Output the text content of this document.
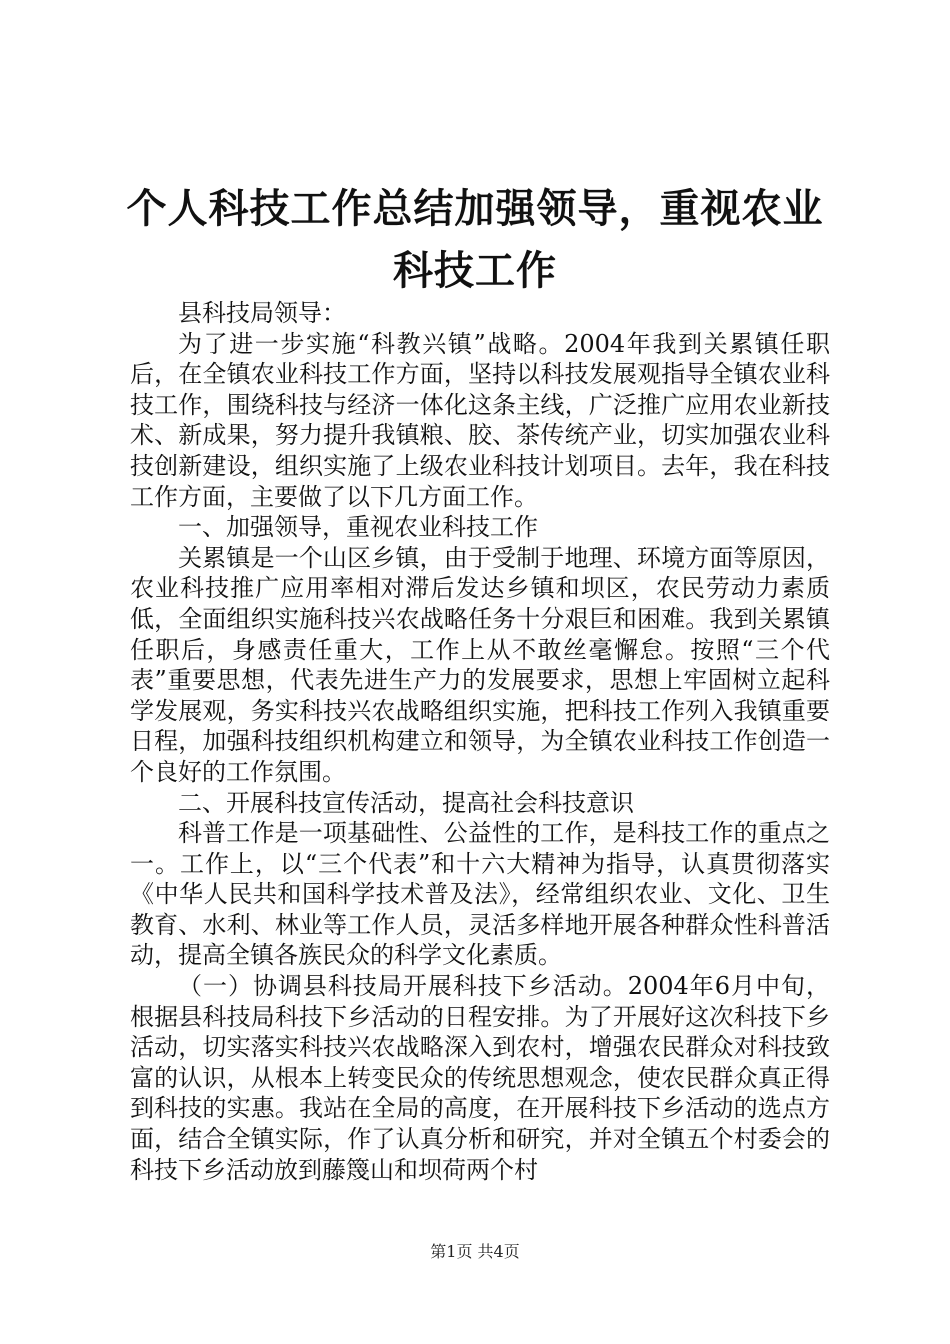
个人科技工作总结加强领导，重视农业科技工作

县科技局领导：

为了进一步实施“科教兴镇”战略。2004年我到关累镇任职后，在全镇农业科技工作方面，坚持以科技发展观指导全镇农业科技工作，围绕科技与经济一体化这条主线，广泛推广应用农业新技术、新成果，努力提升我镇粮、胶、茶传统产业，切实加强农业科技创新建设，组织实施了上级农业科技计划项目。去年，我在科技工作方面，主要做了以下几方面工作。

一、加强领导，重视农业科技工作

关累镇是一个山区乡镇，由于受制于地理、环境方面等原因，农业科技推广应用率相对滞后发达乡镇和坝区，农民劳动力素质低，全面组织实施科技兴农战略任务十分艰巨和困难。我到关累镇任职后，身感责任重大，工作上从不敢丝毫懈怠。按照“三个代表”重要思想，代表先进生产力的发展要求，思想上牢固树立起科学发展观，务实科技兴农战略组织实施，把科技工作列入我镇重要日程，加强科技组织机构建立和领导，为全镇农业科技工作创造一个良好的工作氛围。

二、开展科技宣传活动，提高社会科技意识

科普工作是一项基础性、公益性的工作，是科技工作的重点之一。工作上，以“三个代表”和十六大精神为指导，认真贯彻落实《中华人民共和国科学技术普及法》，经常组织农业、文化、卫生教育、水利、林业等工作人员，灵活多样地开展各种群众性科普活动，提高全镇各族民众的科学文化素质。

（一）协调县科技局开展科技下乡活动。2004年6月中旬，根据县科技局科技下乡活动的日程安排。为了开展好这次科技下乡活动，切实落实科技兴农战略深入到农村，增强农民群众对科技致富的认识，从根本上转变民众的传统思想观念，使农民群众真正得到科技的实惠。我站在全局的高度，在开展科技下乡活动的选点方面，结合全镇实际，作了认真分析和研究，并对全镇五个村委会的科技下乡活动放到藤篾山和坝荷两个村

第1页 共4页
